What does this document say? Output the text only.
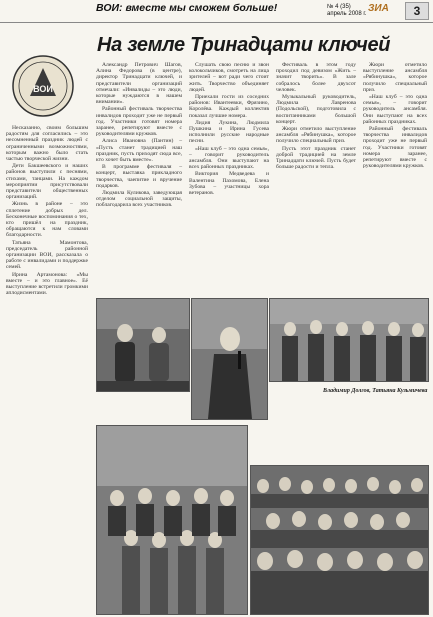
ВОИ: вместе мы сможем больше!	№ 4 (35)
апрель 2008 г. ЗИА	3
На земле Тринадцати ключей
ВОИ

Несказанно, своим большим радостям для согласились – это несомненный праздник людей с ограниченными возможностями, которым важно было стать частью творческой жизни.

Дети Бакшеевского и наших районов выступили с песнями, стихами, танцами. На каждом мероприятии присутствовали представители общественных организаций.

Жизнь в районе – это сплетение добрых дел. Бесконечные воспоминания о тех, кто пришёл на праздник, обращаются к нам словами благодарности.

Татьяна Мамонтова, председатель районной организации ВОИ, рассказала о работе с инвалидами и поддержке семей.

Ирина Артамонова: «Мы вместе – и это главное». Её выступление встретили громкими аплодисментами.

Александр Петрович Шагов, Алина Федорова (в центре), директор Тринадцати ключей, и представители организаций отмечали: «Инвалиды – это люди, которые нуждаются в нашем внимании».

Районный фестиваль творчества инвалидов проходит уже не первый год. Участники готовят номера заранее, репетируют вместе с руководителями кружков.

Алиса Ивановна (Пантин) – «Пусть станет традицией наш праздник, пусть приходят сюда все, кто хочет быть вместе».

В программе фестиваля – концерт, выставка прикладного творчества, чаепитие и вручение подарков.

Людмила Куликова, заведующая отделом социальной защиты, поблагодарила всех участников.

Слушать свою песню и звон колокольчиков, смотреть на лица зрителей – вот ради чего стоит жить. Творчество объединяет людей.

Приехали гости из соседних районов: Ивантеевки, Фрязино, Королёва. Каждый коллектив показал лучшие номера.

Лидия Лукина, Людмила Пушкина и Ирина Гусева исполнили русские народные песни.

«Наш клуб – это одна семья», – говорит руководитель ансамбля. Они выступают на всех районных праздниках.

Виктория Медведева и Валентина Пахомова, Елена Зубова – участницы хора ветеранов.

Фестиваль в этом году проходил под девизом «Жить – значит творить». В зале собралось более двухсот человек.

Музыкальный руководитель, Людмила Лавренова (Подольской), подготовила с воспитанниками большой концерт.

Жюри отметило выступление ансамбля «Рябинушка», которое получило специальный приз.

Пусть этот праздник станет доброй традицией на земле Тринадцати ключей. Пусть будет больше радости и тепла.

Жюри отметило выступление ансамбля «Рябинушка», которое получило специальный приз.

«Наш клуб – это одна семья», – говорит руководитель ансамбля. Они выступают на всех районных праздниках.

Районный фестиваль творчества инвалидов проходит уже не первый год. Участники готовят номера заранее, репетируют вместе с руководителями кружков.

Владимир Долгов, Татьяна Кузьмичева
